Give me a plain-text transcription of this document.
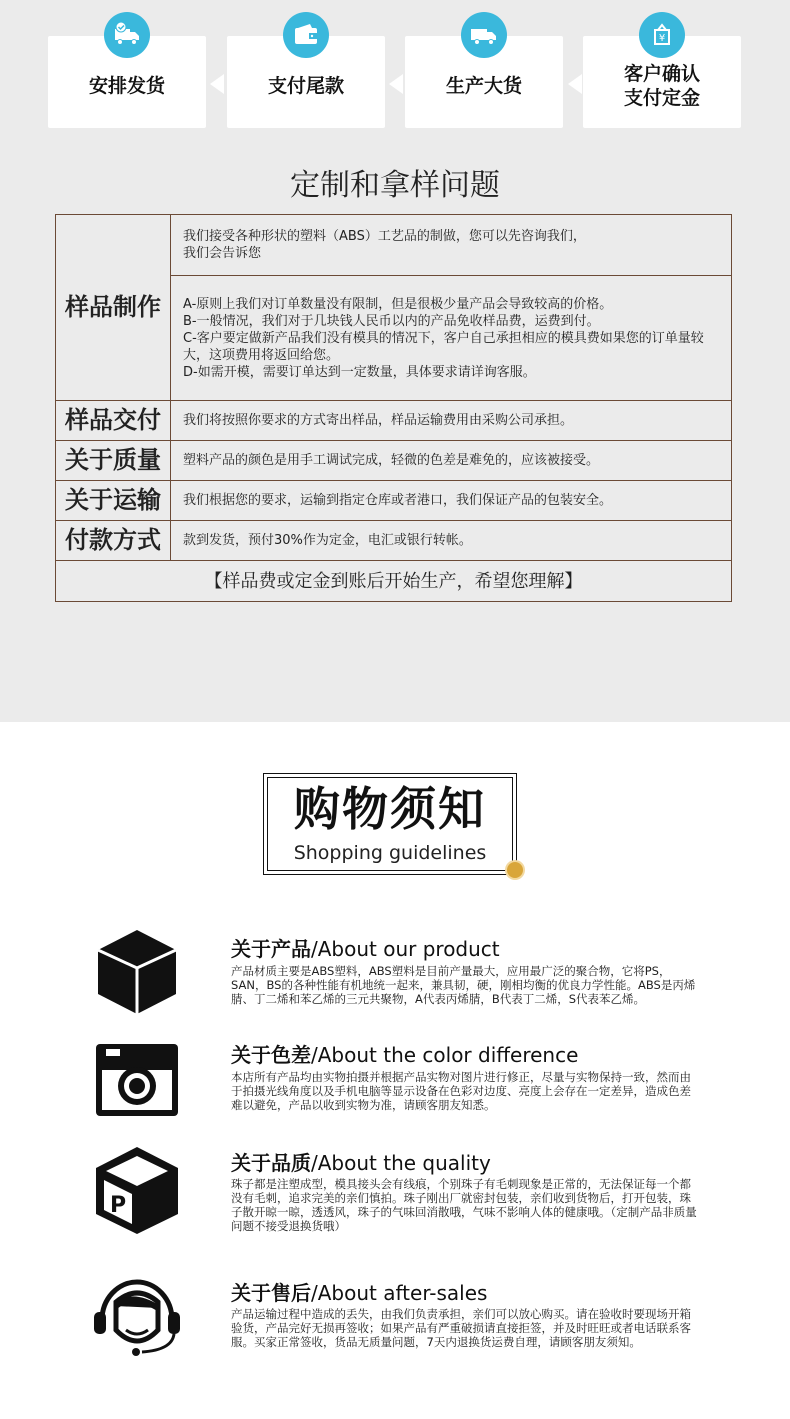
安排发货	支付尾款	生产大货
¥
客户确认
支付定金
定制和拿样问题
样品制作	我们接受各种形状的塑料（ABS）工艺品的制做，您可以先咨询我们，
我们会告诉您
	A-原则上我们对订单数量没有限制，但是很极少量产品会导致较高的价格。
B-一般情况，我们对于几块钱人民币以内的产品免收样品费，运费到付。
C-客户要定做新产品我们没有模具的情况下，客户自己承担相应的模具费如果您的订单量较大，这项费用将返回给您。
D-如需开模，需要订单达到一定数量，具体要求请详询客服。
样品交付	我们将按照你要求的方式寄出样品，样品运输费用由采购公司承担。
关于质量	塑料产品的颜色是用手工调试完成，轻微的色差是难免的，应该被接受。
关于运输	我们根据您的要求，运输到指定仓库或者港口，我们保证产品的包装安全。
付款方式	款到发货，预付30%作为定金，电汇或银行转帐。
【样品费或定金到账后开始生产，希望您理解】	
购物须知
Shopping guidelines
关于产品/About our product
产品材质主要是ABS塑料，ABS塑料是目前产量最大，应用最广泛的聚合物，它将PS，SAN，BS的各种性能有机地统一起来，兼具韧，硬，刚相均衡的优良力学性能。ABS是丙烯腈、丁二烯和苯乙烯的三元共聚物，A代表丙烯腈，B代表丁二烯，S代表苯乙烯。
关于色差/About the color difference
本店所有产品均由实物拍摄并根据产品实物对图片进行修正，尽量与实物保持一致，然而由于拍摄光线角度以及手机电脑等显示设备在色彩对边度、亮度上会存在一定差异，造成色差难以避免，产品以收到实物为准，请顾客朋友知悉。
P
关于品质/About the quality
珠子都是注塑成型，模具接头会有线痕，个别珠子有毛刺现象是正常的，无法保证每一个都没有毛刺，追求完美的亲们慎拍。珠子刚出厂就密封包装，亲们收到货物后，打开包装，珠子散开晾一晾，透透风，珠子的气味回消散哦，气味不影响人体的健康哦。（定制产品非质量问题不接受退换货哦）
关于售后/About after-sales
产品运输过程中造成的丢失，由我们负责承担，亲们可以放心购买。请在验收时要现场开箱验货，产品完好无损再签收；如果产品有严重破损请直接拒签，并及时旺旺或者电话联系客服。买家正常签收，货品无质量问题，7天内退换货运费自理，请顾客朋友须知。
